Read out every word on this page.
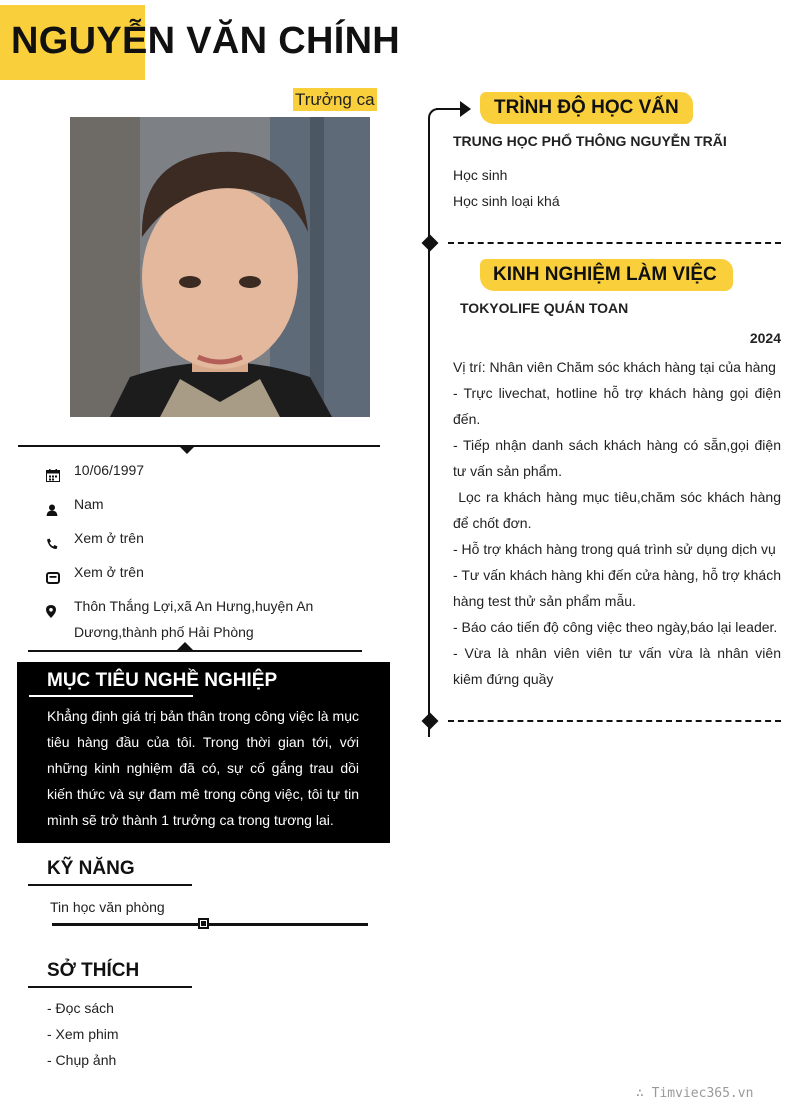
NGUYỄN VĂN CHÍNH
Trưởng ca
10/06/1997
Nam
Xem ở trên
Xem ở trên
Thôn Thắng Lợi,xã An Hưng,huyện An Dương,thành phố Hải Phòng
MỤC TIÊU NGHỀ NGHIỆP
Khẳng định giá trị bản thân trong công việc là mục tiêu hàng đầu của tôi. Trong thời gian tới, với những kinh nghiệm đã có, sự cố gắng trau dồi kiến thức và sự đam mê trong công việc, tôi tự tin mình sẽ trở thành 1 trưởng ca trong tương lai.
KỸ NĂNG
Tin học văn phòng
SỞ THÍCH
- Đọc sách
- Xem phim
- Chụp ảnh
TRÌNH ĐỘ HỌC VẤN
TRUNG HỌC PHỔ THÔNG NGUYỄN TRÃI
Học sinh
Học sinh loại khá
KINH NGHIỆM LÀM VIỆC
TOKYOLIFE QUÁN TOAN
2024
Vị trí: Nhân viên Chăm sóc khách hàng tại của hàng
- Trực livechat, hotline hỗ trợ khách hàng gọi điện đến.
- Tiếp nhận danh sách khách hàng có sẵn,gọi điện tư vấn sản phẩm.
Lọc ra khách hàng mục tiêu,chăm sóc khách hàng để chốt đơn.
- Hỗ trợ khách hàng trong quá trình sử dụng dịch vụ
- Tư vấn khách hàng khi đến cửa hàng, hỗ trợ khách hàng test thử sản phẩm mẫu.
- Báo cáo tiến độ công việc theo ngày,báo lại leader.
- Vừa là nhân viên viên tư vấn vừa là nhân viên kiêm đứng quầy
∴ Timviec365.vn
